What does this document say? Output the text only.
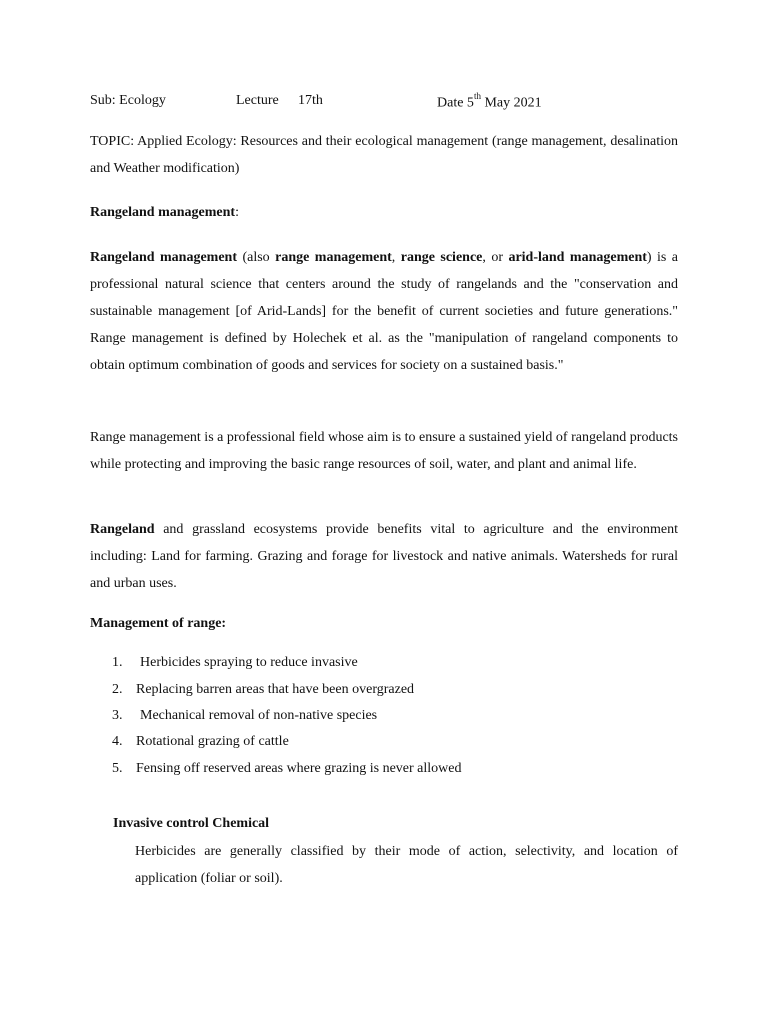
Sub: Ecology	Lecture 17th	Date 5th May 2021

TOPIC: Applied Ecology: Resources and their ecological management (range management, desalination and Weather modification)

Rangeland management:

Rangeland management (also range management, range science, or arid-land management) is a professional natural science that centers around the study of rangelands and the "conservation and sustainable management [of Arid-Lands] for the benefit of current societies and future generations." Range management is defined by Holechek et al. as the "manipulation of rangeland components to obtain optimum combination of goods and services for society on a sustained basis."

Range management is a professional field whose aim is to ensure a sustained yield of rangeland products while protecting and improving the basic range resources of soil, water, and plant and animal life.

Rangeland and grassland ecosystems provide benefits vital to agriculture and the environment including: Land for farming. Grazing and forage for livestock and native animals. Watersheds for rural and urban uses.

Management of range:

1. Herbicides spraying to reduce invasive
2. Replacing barren areas that have been overgrazed
3. Mechanical removal of non-native species
4. Rotational grazing of cattle
5. Fensing off reserved areas where grazing is never allowed

Invasive control Chemical

Herbicides are generally classified by their mode of action, selectivity, and location of application (foliar or soil).
